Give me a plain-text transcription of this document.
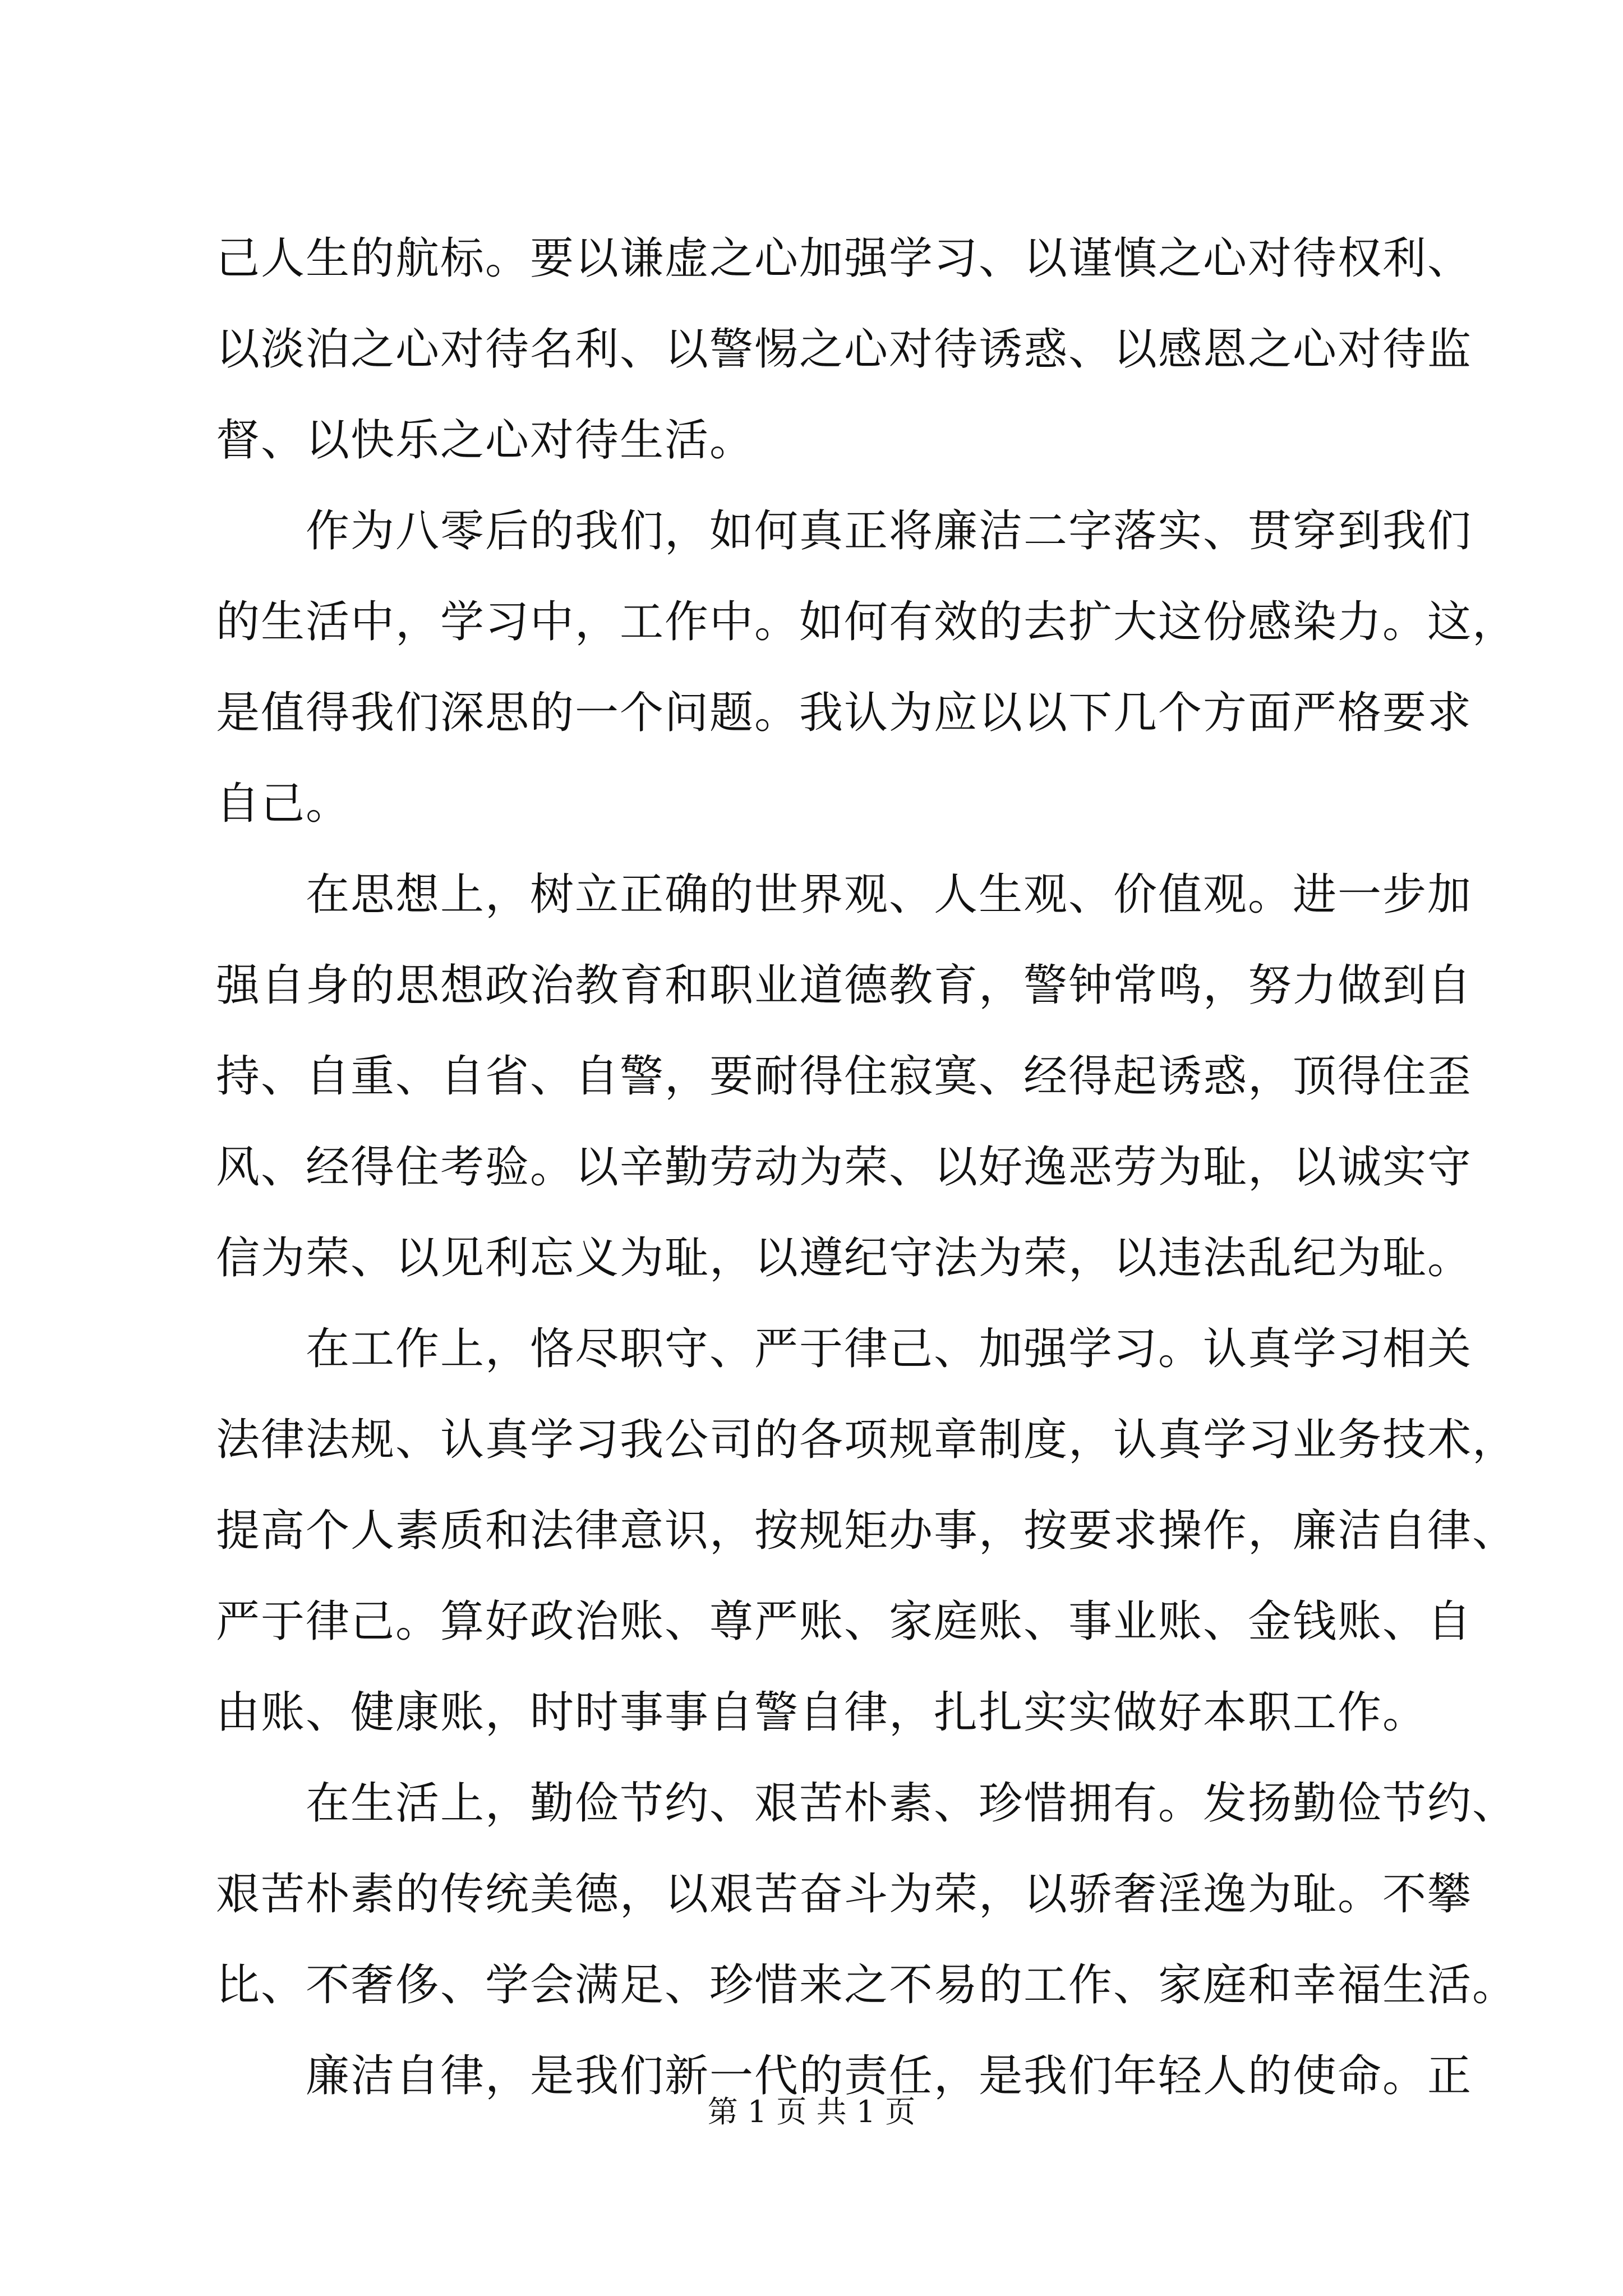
己人生的航标。要以谦虚之心加强学习、以谨慎之心对待权利、
以淡泊之心对待名利、以警惕之心对待诱惑、以感恩之心对待监
督、以快乐之心对待生活。
作为八零后的我们，如何真正将廉洁二字落实、贯穿到我们
的生活中，学习中，工作中。如何有效的去扩大这份感染力。这，
是值得我们深思的一个问题。我认为应以以下几个方面严格要求
自己。
在思想上，树立正确的世界观、人生观、价值观。进一步加
强自身的思想政治教育和职业道德教育，警钟常鸣，努力做到自
持、自重、自省、自警，要耐得住寂寞、经得起诱惑，顶得住歪
风、经得住考验。以辛勤劳动为荣、以好逸恶劳为耻，以诚实守
信为荣、以见利忘义为耻，以遵纪守法为荣，以违法乱纪为耻。
在工作上，恪尽职守、严于律己、加强学习。认真学习相关
法律法规、认真学习我公司的各项规章制度，认真学习业务技术，
提高个人素质和法律意识，按规矩办事，按要求操作，廉洁自律、
严于律己。算好政治账、尊严账、家庭账、事业账、金钱账、自
由账、健康账，时时事事自警自律，扎扎实实做好本职工作。
在生活上，勤俭节约、艰苦朴素、珍惜拥有。发扬勤俭节约、
艰苦朴素的传统美德，以艰苦奋斗为荣，以骄奢淫逸为耻。不攀
比、不奢侈、学会满足、珍惜来之不易的工作、家庭和幸福生活。
廉洁自律，是我们新一代的责任，是我们年轻人的使命。正
第 1 页 共 1 页
